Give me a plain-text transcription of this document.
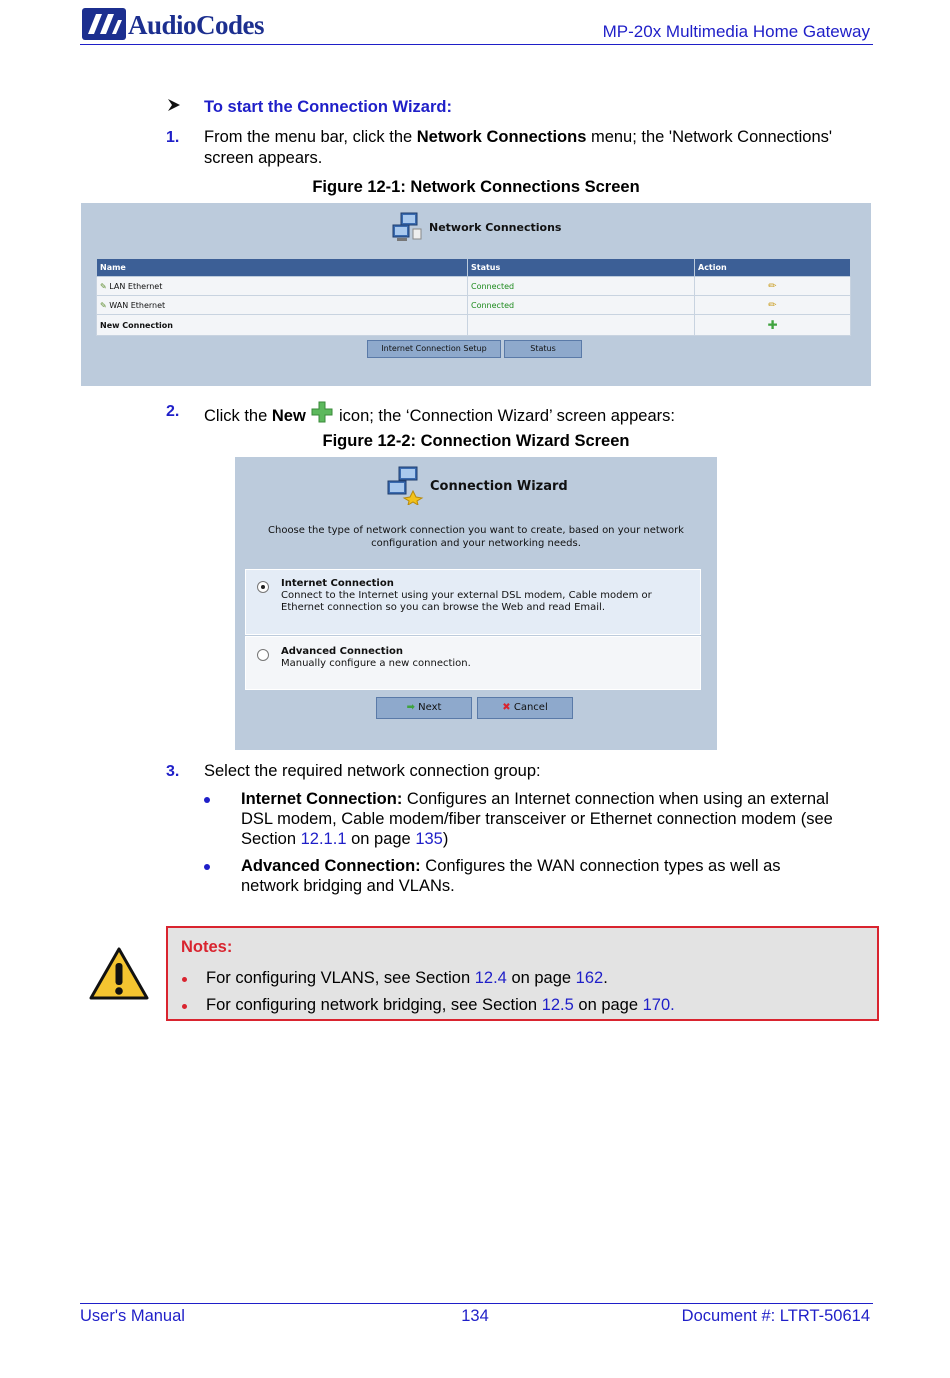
AudioCodes	MP-20x Multimedia Home Gateway
To start the Connection Wizard:
1. From the menu bar, click the Network Connections menu; the 'Network Connections'
screen appears.
Figure 12-1: Network Connections Screen
Network Connections
Name	Status	Action
✎ LAN Ethernet	Connected	✏
✎ WAN Ethernet	Connected	✏
New Connection		✚
Internet Connection Setup	Status
2. Click the New  icon; the ‘Connection Wizard’ screen appears:
Figure 12-2: Connection Wizard Screen
Connection Wizard
Choose the type of network connection you want to create, based on your network
configuration and your networking needs.
Internet Connection
Connect to the Internet using your external DSL modem, Cable modem or
Ethernet connection so you can browse the Web and read Email.
Advanced Connection
Manually configure a new connection.
➡ Next	✖ Cancel
3. Select the required network connection group:
Internet Connection: Configures an Internet connection when using an external
DSL modem, Cable modem/fiber transceiver or Ethernet connection modem (see
Section 12.1.1 on page 135)
Advanced Connection: Configures the WAN connection types as well as
network bridging and VLANs.
Notes:
For configuring VLANS, see Section 12.4 on page 162.
For configuring network bridging, see Section 12.5 on page 170.
User's Manual	134	Document #: LTRT-50614
